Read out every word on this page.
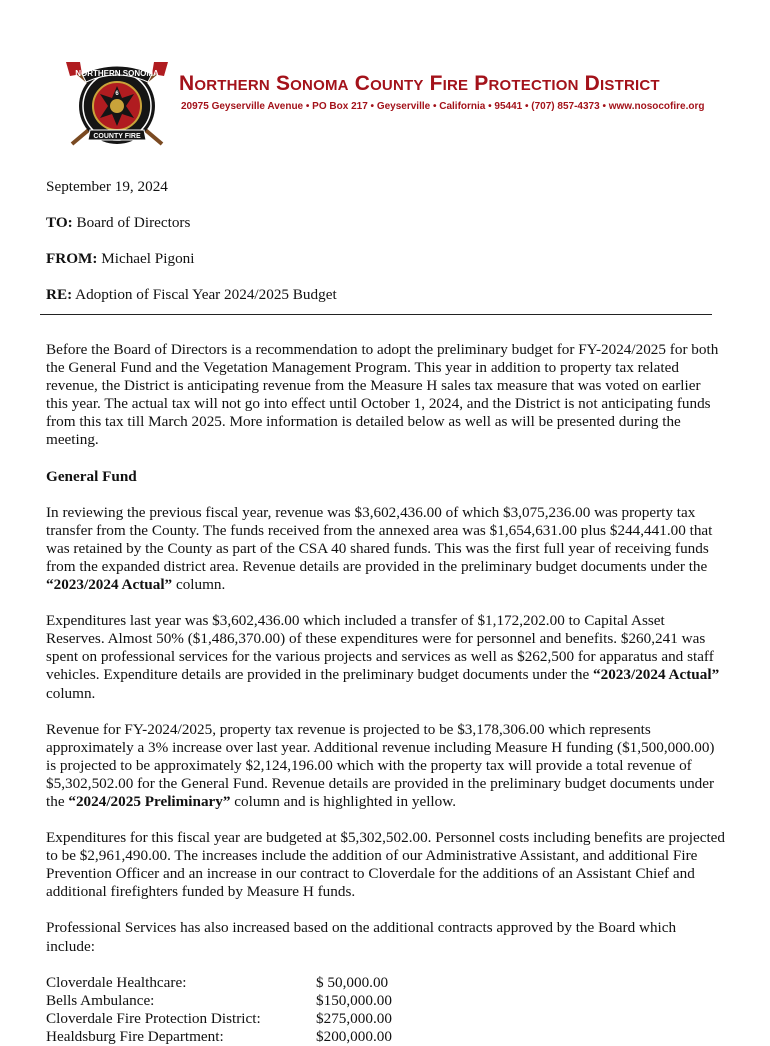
6
NORTHERN SONOMA
COUNTY FIRE
Northern Sonoma County Fire Protection District
20975 Geyserville Avenue • PO Box 217 • Geyserville • California • 95441 • (707) 857-4373 • www.nosocofire.org

September 19, 2024

TO: Board of Directors

FROM: Michael Pigoni

RE: Adoption of Fiscal Year 2024/2025 Budget

Before the Board of Directors is a recommendation to adopt the preliminary budget for FY-2024/2025 for both the General Fund and the Vegetation Management Program. This year in addition to property tax related revenue, the District is anticipating revenue from the Measure H sales tax measure that was voted on earlier this year. The actual tax will not go into effect until October 1, 2024, and the District is not anticipating funds from this tax till March 2025. More information is detailed below as well as will be presented during the meeting.

General Fund

In reviewing the previous fiscal year, revenue was $3,602,436.00 of which $3,075,236.00 was property tax transfer from the County. The funds received from the annexed area was $1,654,631.00 plus $244,441.00 that was retained by the County as part of the CSA 40 shared funds. This was the first full year of receiving funds from the expanded district area. Revenue details are provided in the preliminary budget documents under the “2023/2024 Actual” column.

Expenditures last year was $3,602,436.00 which included a transfer of $1,172,202.00 to Capital Asset Reserves. Almost 50% ($1,486,370.00) of these expenditures were for personnel and benefits. $260,241 was spent on professional services for the various projects and services as well as $262,500 for apparatus and staff vehicles. Expenditure details are provided in the preliminary budget documents under the “2023/2024 Actual” column.

Revenue for FY-2024/2025, property tax revenue is projected to be $3,178,306.00 which represents approximately a 3% increase over last year. Additional revenue including Measure H funding ($1,500,000.00) is projected to be approximately $2,124,196.00 which with the property tax will provide a total revenue of $5,302,502.00 for the General Fund. Revenue details are provided in the preliminary budget documents under the “2024/2025 Preliminary” column and is highlighted in yellow.

Expenditures for this fiscal year are budgeted at $5,302,502.00. Personnel costs including benefits are projected to be $2,961,490.00. The increases include the addition of our Administrative Assistant, and additional Fire Prevention Officer and an increase in our contract to Cloverdale for the additions of an Assistant Chief and additional firefighters funded by Measure H funds.

Professional Services has also increased based on the additional contracts approved by the Board which include:

Cloverdale Healthcare:	$ 50,000.00
Bells Ambulance:	$150,000.00
Cloverdale Fire Protection District:	$275,000.00
Healdsburg Fire Department:	$200,000.00
